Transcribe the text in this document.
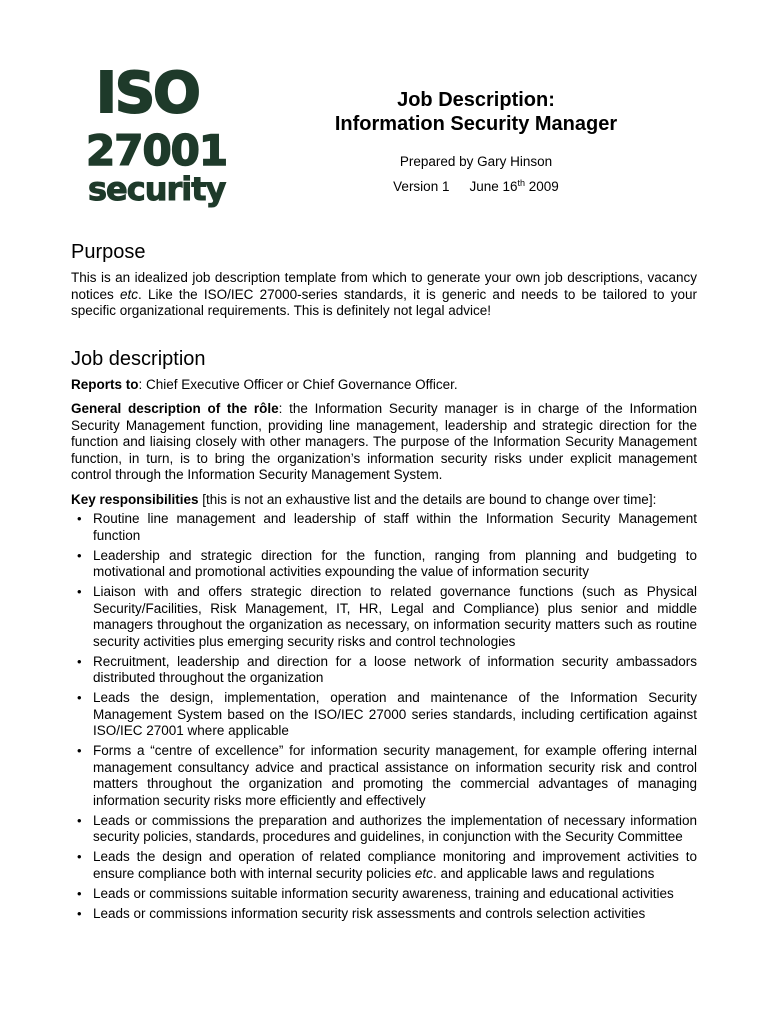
ISO
27001
security
Job Description:
Information Security Manager
Prepared by Gary Hinson
Version 1 June 16th 2009
Purpose

This is an idealized job description template from which to generate your own job descriptions, vacancy notices etc. Like the ISO/IEC 27000-series standards, it is generic and needs to be tailored to your specific organizational requirements. This is definitely not legal advice!

Job description

Reports to: Chief Executive Officer or Chief Governance Officer.

General description of the rôle: the Information Security manager is in charge of the Information Security Management function, providing line management, leadership and strategic direction for the function and liaising closely with other managers. The purpose of the Information Security Management function, in turn, is to bring the organization’s information security risks under explicit management control through the Information Security Management System.

Key responsibilities [this is not an exhaustive list and the details are bound to change over time]:

• Routine line management and leadership of staff within the Information Security Management function
• Leadership and strategic direction for the function, ranging from planning and budgeting to motivational and promotional activities expounding the value of information security
• Liaison with and offers strategic direction to related governance functions (such as Physical Security/Facilities, Risk Management, IT, HR, Legal and Compliance) plus senior and middle managers throughout the organization as necessary, on information security matters such as routine security activities plus emerging security risks and control technologies
• Recruitment, leadership and direction for a loose network of information security ambassadors distributed throughout the organization
• Leads the design, implementation, operation and maintenance of the Information Security Management System based on the ISO/IEC 27000 series standards, including certification against ISO/IEC 27001 where applicable
• Forms a “centre of excellence” for information security management, for example offering internal management consultancy advice and practical assistance on information security risk and control matters throughout the organization and promoting the commercial advantages of managing information security risks more efficiently and effectively
• Leads or commissions the preparation and authorizes the implementation of necessary information security policies, standards, procedures and guidelines, in conjunction with the Security Committee
• Leads the design and operation of related compliance monitoring and improvement activities to ensure compliance both with internal security policies etc. and applicable laws and regulations
• Leads or commissions suitable information security awareness, training and educational activities
• Leads or commissions information security risk assessments and controls selection activities
